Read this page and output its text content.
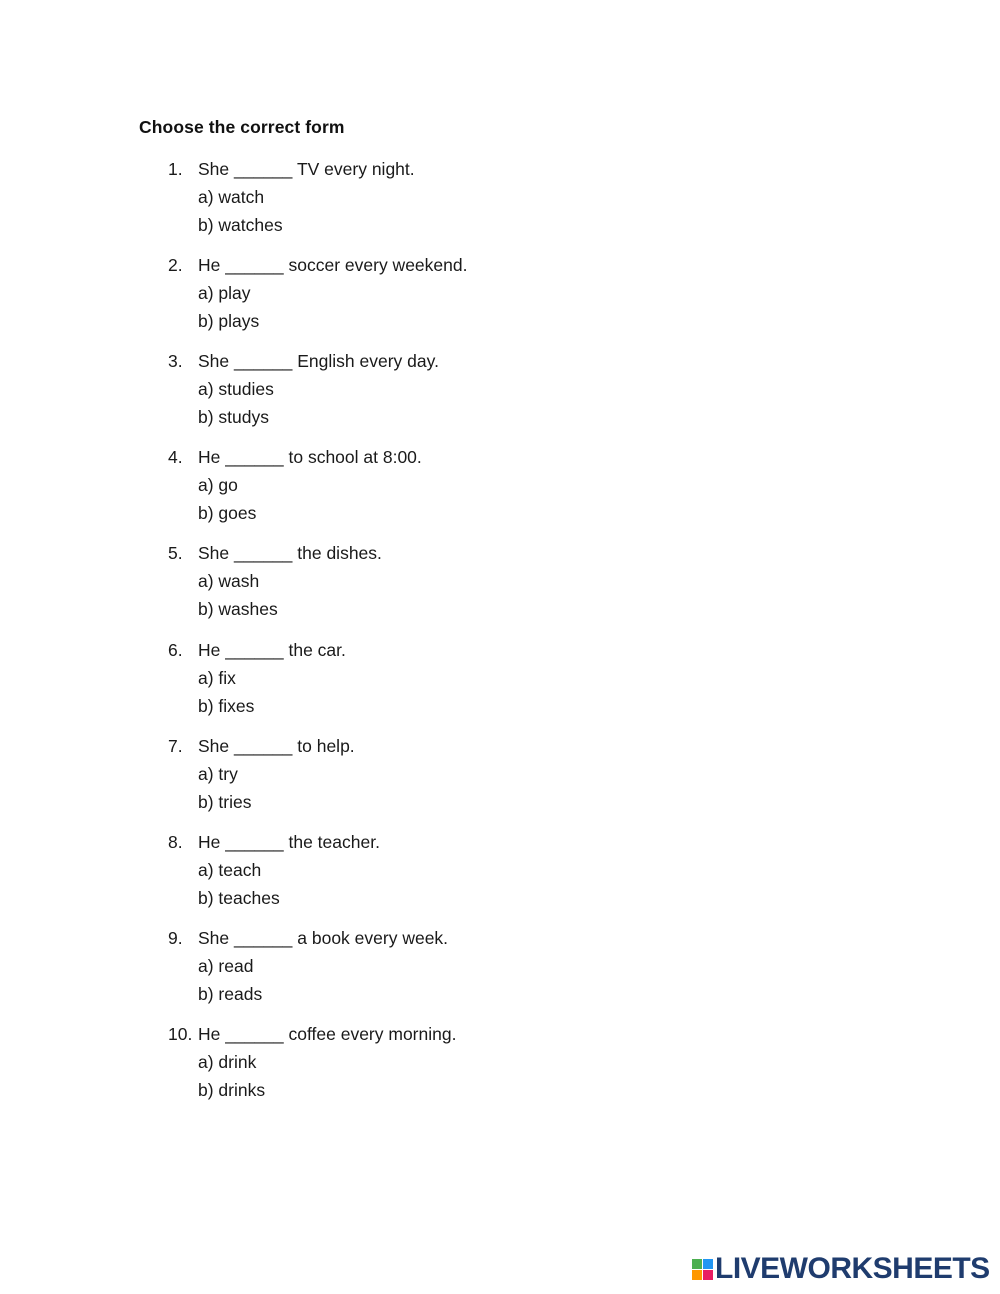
Choose the correct form
1. She ______ TV every night.
a) watch
b) watches
2. He ______ soccer every weekend.
a) play
b) plays
3. She ______ English every day.
a) studies
b) studys
4. He ______ to school at 8:00.
a) go
b) goes
5. She ______ the dishes.
a) wash
b) washes
6. He ______ the car.
a) fix
b) fixes
7. She ______ to help.
a) try
b) tries
8. He ______ the teacher.
a) teach
b) teaches
9. She ______ a book every week.
a) read
b) reads
10. He ______ coffee every morning.
a) drink
b) drinks
LIVEWORKSHEETS
